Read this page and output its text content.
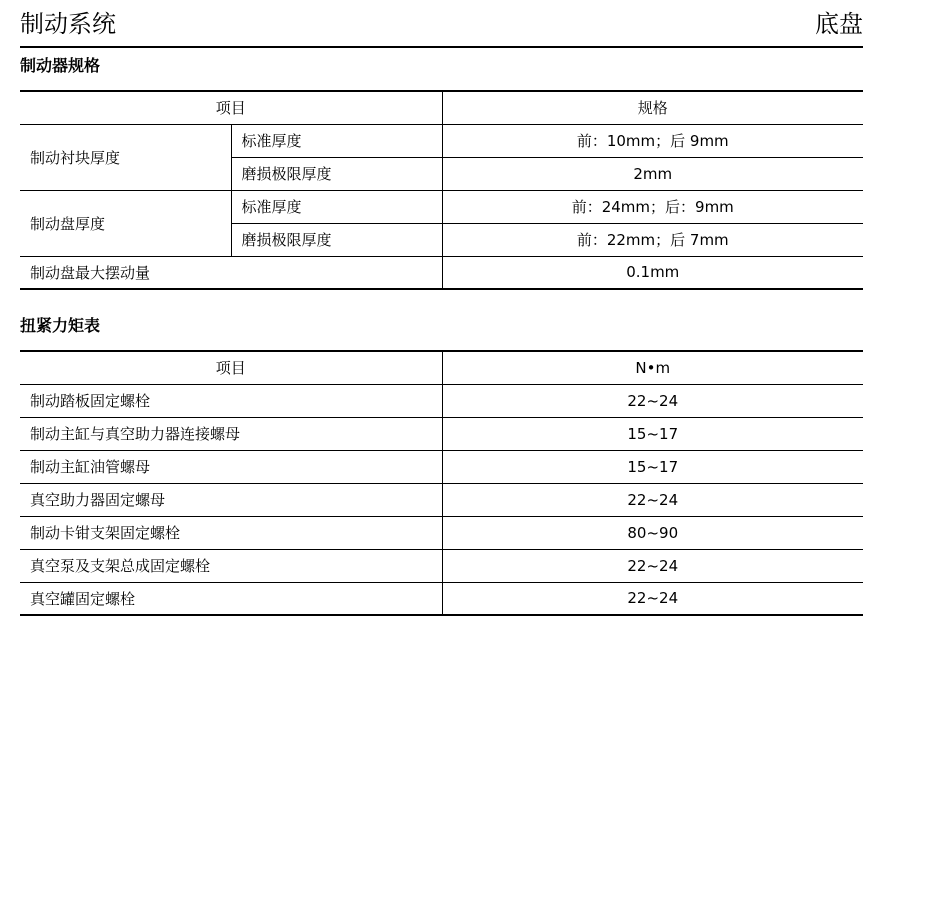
制动系统	底盘
制动器规格
项目		规格
制动衬块厚度	标准厚度	前：10mm；后 9mm
	磨损极限厚度	2mm
制动盘厚度	标准厚度	前：24mm；后：9mm
	磨损极限厚度	前：22mm；后 7mm
制动盘最大摆动量		0.1mm
扭紧力矩表
项目	N•m
制动踏板固定螺栓	22~24
制动主缸与真空助力器连接螺母	15~17
制动主缸油管螺母	15~17
真空助力器固定螺母	22~24
制动卡钳支架固定螺栓	80~90
真空泵及支架总成固定螺栓	22~24
真空罐固定螺栓	22~24
